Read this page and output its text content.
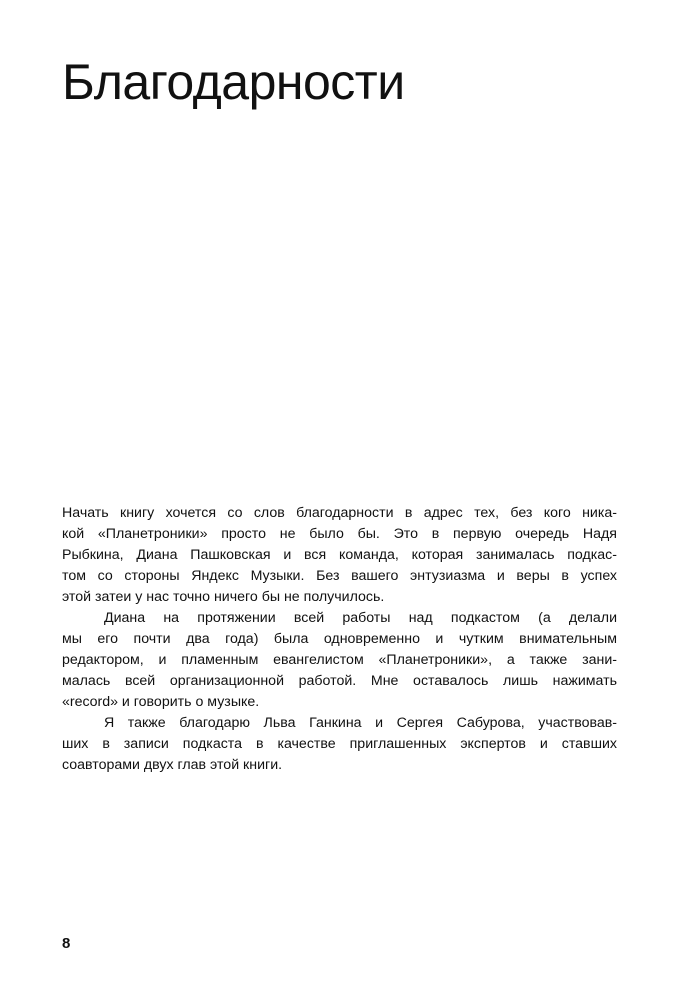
Благодарности
Начать книгу хочется со слов благодарности в адрес тех, без кого ника-
кой «Планетроники» просто не было бы. Это в первую очередь Надя
Рыбкина, Диана Пашковская и вся команда, которая занималась подкас-
том со стороны Яндекс Музыки. Без вашего энтузиазма и веры в успех
этой затеи у нас точно ничего бы не получилось.
Диана на протяжении всей работы над подкастом (а делали
мы его почти два года) была одновременно и чутким внимательным
редактором, и пламенным евангелистом «Планетроники», а также зани-
малась всей организационной работой. Мне оставалось лишь нажимать
«record» и говорить о музыке.
Я также благодарю Льва Ганкина и Сергея Сабурова, участвовав-
ших в записи подкаста в качестве приглашенных экспертов и ставших
соавторами двух глав этой книги.
8
